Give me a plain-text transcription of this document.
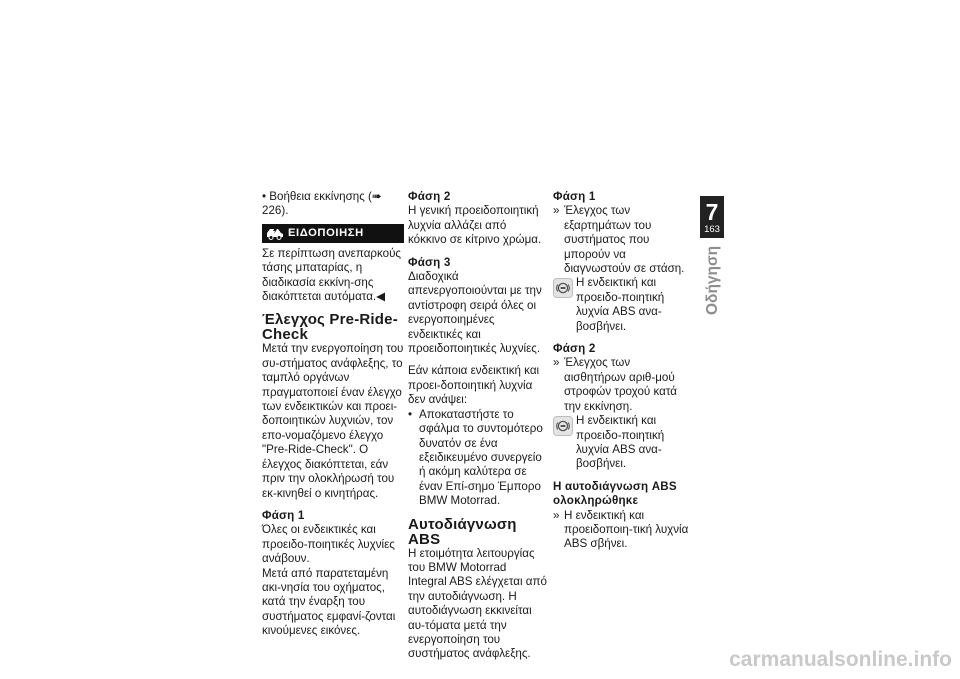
• Βοήθεια εκκίνησης (➠ 226).

ΕΙΔΟΠΟΙΗΣΗ

Σε περίπτωση ανεπαρκούς τάσης μπαταρίας, η διαδικασία εκκίνη-σης διακόπτεται αυτόματα.◀

Έλεγχος Pre-Ride-Check

Μετά την ενεργοποίηση του συ-στήματος ανάφλεξης, το ταμπλό οργάνων πραγματοποιεί έναν έλεγχο των ενδεικτικών και προει-δοποιητικών λυχνιών, τον επο-νομαζόμενο έλεγχο "Pre-Ride-Check". Ο έλεγχος διακόπτεται, εάν πριν την ολοκλήρωσή του εκ-κινηθεί ο κινητήρας.

Φάση 1

Όλες οι ενδεικτικές και προειδο-ποιητικές λυχνίες ανάβουν.

Μετά από παρατεταμένη ακι-νησία του οχήματος, κατά την έναρξη του συστήματος εμφανί-ζονται κινούμενες εικόνες.

Φάση 2

Η γενική προειδοποιητική λυχνία αλλάζει από κόκκινο σε κίτρινο χρώμα.

Φάση 3

Διαδοχικά απενεργοποιούνται με την αντίστροφη σειρά όλες οι ενεργοποιημένες ενδεικτικές και προειδοποιητικές λυχνίες.

Εάν κάποια ενδεικτική και προει-δοποιητική λυχνία δεν ανάψει:

• Αποκαταστήστε το σφάλμα το συντομότερο δυνατόν σε ένα εξειδικευμένο συνεργείο ή ακόμη καλύτερα σε έναν Επί-σημο Έμπορο BMW Motorrad.
Αυτοδιάγνωση ABS

Η ετοιμότητα λειτουργίας του BMW Motorrad Integral ABS ελέγχεται από την αυτοδιάγνωση. Η αυτοδιάγνωση εκκινείται αυ-τόματα μετά την ενεργοποίηση του συστήματος ανάφλεξης.

Φάση 1
» Έλεγχος των εξαρτημάτων του συστήματος που μπορούν να διαγνωστούν σε στάση.

Η ενδεικτική και προειδο-ποιητική λυχνία ABS ανα-βοσβήνει.

Φάση 2
» Έλεγχος των αισθητήρων αριθ-μού στροφών τροχού κατά την εκκίνηση.

Η ενδεικτική και προειδο-ποιητική λυχνία ABS ανα-βοσβήνει.

Η αυτοδιάγνωση ABS ολοκληρώθηκε
» Η ενδεικτική και προειδοποιη-τική λυχνία ABS σβήνει.
7
163
Οδήγηση
carmanualsonline.info
